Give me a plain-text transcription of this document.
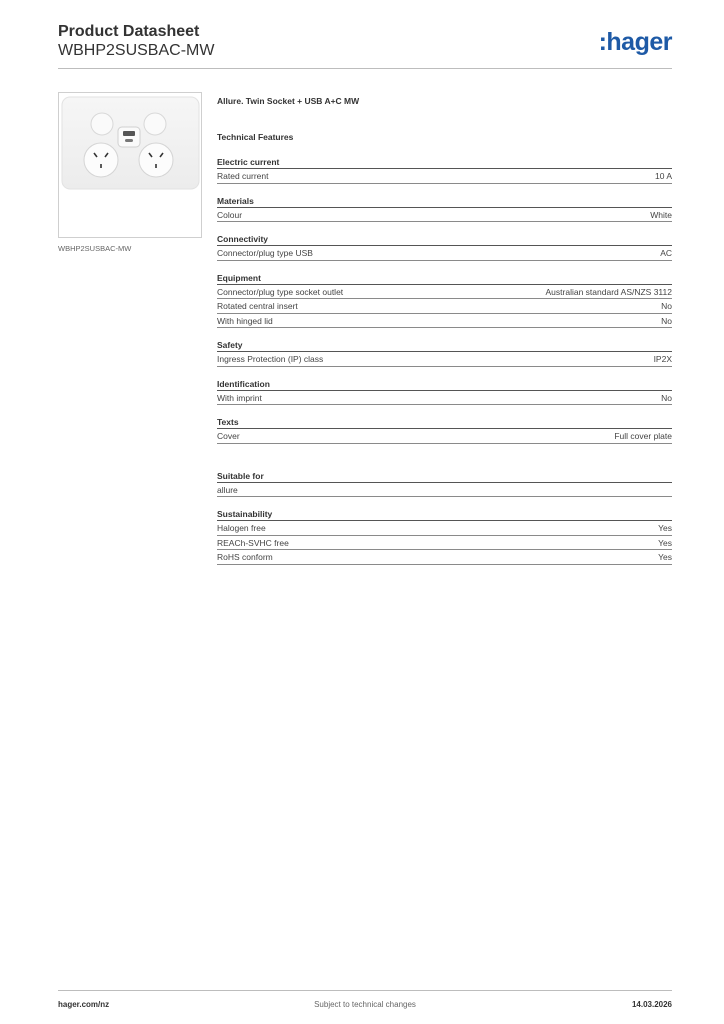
Product Datasheet
WBHP2SUSBAC-MW	:hager
WBHP2SUSBAC-MW
Allure. Twin Socket + USB A+C MW
Technical Features
Electric current
Rated current	10 A
Materials
Colour	White
Connectivity
Connector/plug type USB	AC
Equipment
Connector/plug type socket outlet	Australian standard AS/NZS 3112
Rotated central insert	No
With hinged lid	No
Safety
Ingress Protection (IP) class	IP2X
Identification
With imprint	No
Texts
Cover	Full cover plate
Suitable for
allure
Sustainability
Halogen free	Yes
REACh-SVHC free	Yes
RoHS conform	Yes
hager.com/nz	Subject to technical changes	14.03.2026
